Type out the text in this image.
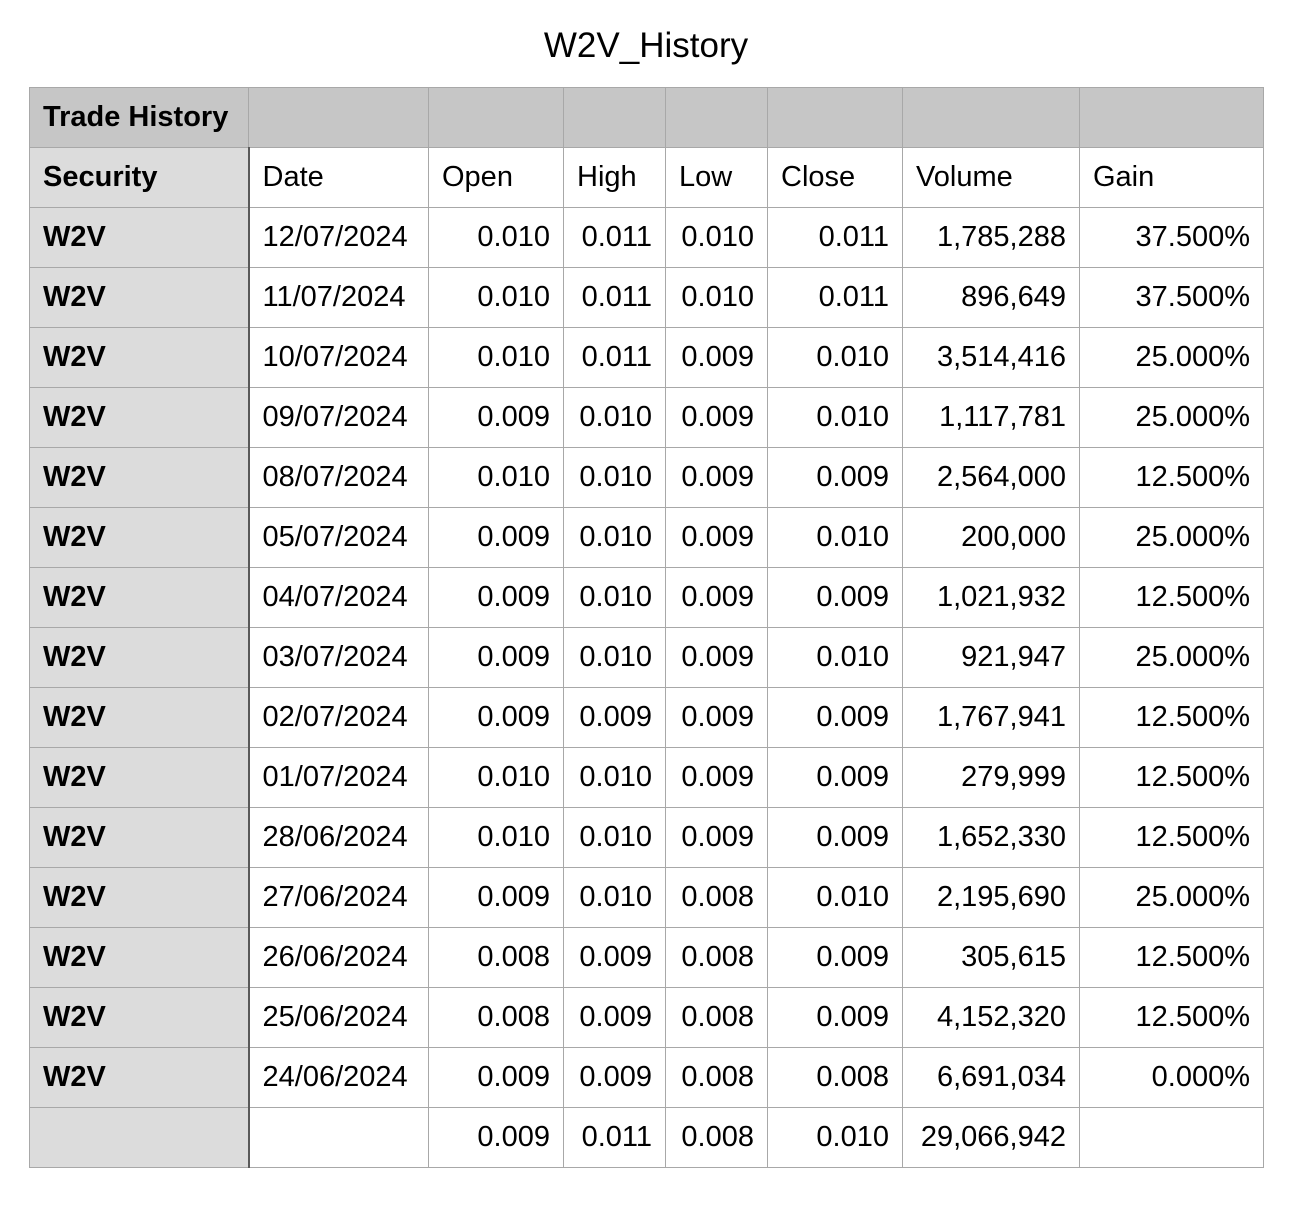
W2V_History
Trade History							
Security	Date	Open	High	Low	Close	Volume	Gain
W2V	12/07/2024	0.010	0.011	0.010	0.011	1,785,288	37.500%
W2V	11/07/2024	0.010	0.011	0.010	0.011	896,649	37.500%
W2V	10/07/2024	0.010	0.011	0.009	0.010	3,514,416	25.000%
W2V	09/07/2024	0.009	0.010	0.009	0.010	1,117,781	25.000%
W2V	08/07/2024	0.010	0.010	0.009	0.009	2,564,000	12.500%
W2V	05/07/2024	0.009	0.010	0.009	0.010	200,000	25.000%
W2V	04/07/2024	0.009	0.010	0.009	0.009	1,021,932	12.500%
W2V	03/07/2024	0.009	0.010	0.009	0.010	921,947	25.000%
W2V	02/07/2024	0.009	0.009	0.009	0.009	1,767,941	12.500%
W2V	01/07/2024	0.010	0.010	0.009	0.009	279,999	12.500%
W2V	28/06/2024	0.010	0.010	0.009	0.009	1,652,330	12.500%
W2V	27/06/2024	0.009	0.010	0.008	0.010	2,195,690	25.000%
W2V	26/06/2024	0.008	0.009	0.008	0.009	305,615	12.500%
W2V	25/06/2024	0.008	0.009	0.008	0.009	4,152,320	12.500%
W2V	24/06/2024	0.009	0.009	0.008	0.008	6,691,034	0.000%
		0.009	0.011	0.008	0.010	29,066,942	
